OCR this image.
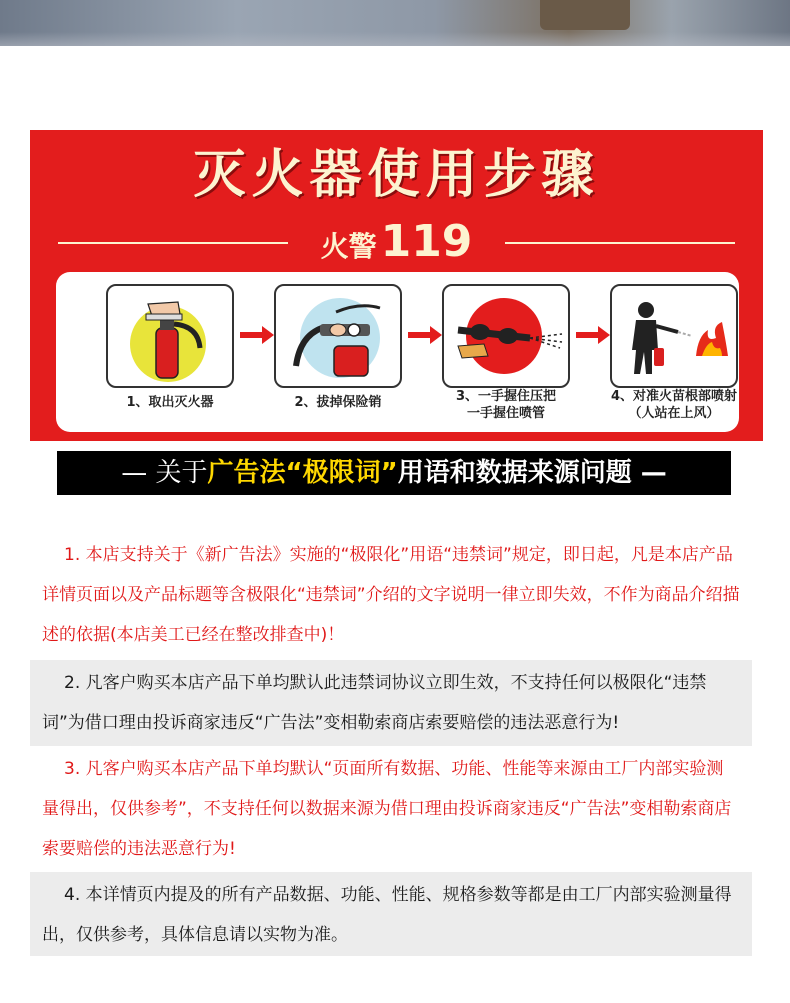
灭火器使用步骤
火警119
1、取出灭火器	2、拔掉保险销	3、一手握住压把
一手握住喷管
4、对准火苗根部喷射
（人站在上风）
— 关于广告法“极限词”用语和数据来源问题 —

1. 本店支持关于《新广告法》实施的“极限化”用语“违禁词”规定，即日起，凡是本店产品详情页面以及产品标题等含极限化“违禁词”介绍的文字说明一律立即失效，不作为商品介绍描述的依据(本店美工已经在整改排查中)！

2. 凡客户购买本店产品下单均默认此违禁词协议立即生效，不支持任何以极限化“违禁词”为借口理由投诉商家违反“广告法”变相勒索商店索要赔偿的违法恶意行为!

3. 凡客户购买本店产品下单均默认“页面所有数据、功能、性能等来源由工厂内部实验测量得出，仅供参考”，不支持任何以数据来源为借口理由投诉商家违反“广告法”变相勒索商店索要赔偿的违法恶意行为!

4. 本详情页内提及的所有产品数据、功能、性能、规格参数等都是由工厂内部实验测量得出，仅供参考，具体信息请以实物为准。
